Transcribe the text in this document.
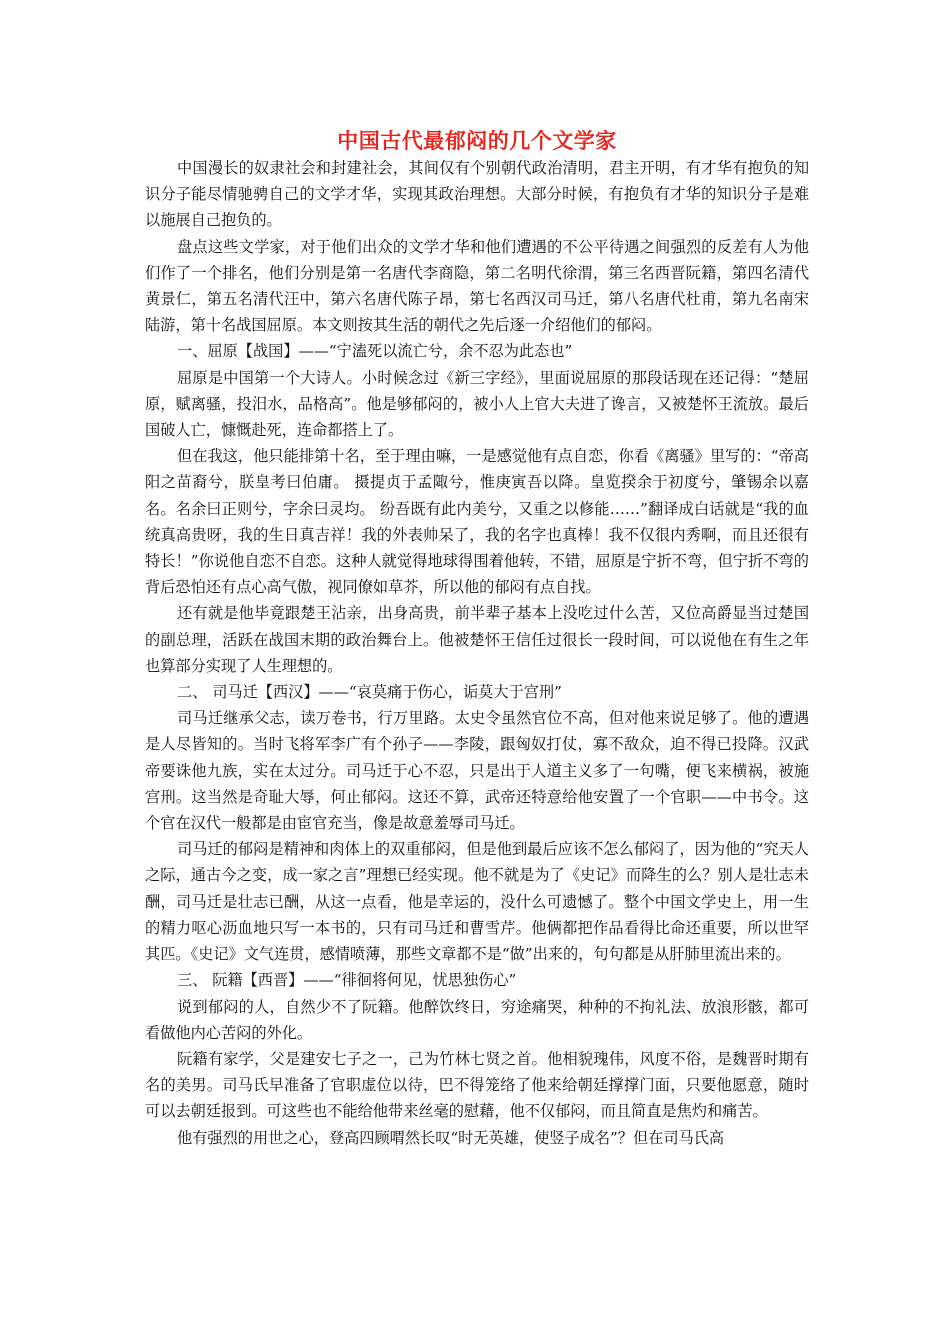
中国古代最郁闷的几个文学家

中国漫长的奴隶社会和封建社会，其间仅有个别朝代政治清明，君主开明，有才华有抱负的知识分子能尽情驰骋自己的文学才华，实现其政治理想。大部分时候，有抱负有才华的知识分子是难以施展自己抱负的。

盘点这些文学家，对于他们出众的文学才华和他们遭遇的不公平待遇之间强烈的反差有人为他们作了一个排名，他们分别是第一名唐代李商隐，第二名明代徐渭，第三名西晋阮籍，第四名清代黄景仁，第五名清代汪中，第六名唐代陈子昂，第七名西汉司马迁，第八名唐代杜甫，第九名南宋陆游，第十名战国屈原。本文则按其生活的朝代之先后逐一介绍他们的郁闷。

一、屈原【战国】——“宁溘死以流亡兮，余不忍为此态也”

屈原是中国第一个大诗人。小时候念过《新三字经》，里面说屈原的那段话现在还记得：“楚屈原，赋离骚，投汨水，品格高”。他是够郁闷的，被小人上官大夫进了谗言，又被楚怀王流放。最后国破人亡，慷慨赴死，连命都搭上了。

但在我这，他只能排第十名，至于理由嘛，一是感觉他有点自恋，你看《离骚》里写的：“帝高阳之苗裔兮，朕皇考曰伯庸。 摄提贞于孟陬兮，惟庚寅吾以降。皇览揆余于初度兮，肇锡余以嘉名。名余曰正则兮，字余曰灵均。 纷吾既有此内美兮，又重之以修能……”翻译成白话就是“我的血统真高贵呀，我的生日真吉祥！我的外表帅呆了，我的名字也真棒！我不仅很内秀啊，而且还很有特长！”你说他自恋不自恋。这种人就觉得地球得围着他转，不错，屈原是宁折不弯，但宁折不弯的背后恐怕还有点心高气傲，视同僚如草芥，所以他的郁闷有点自找。

还有就是他毕竟跟楚王沾亲，出身高贵，前半辈子基本上没吃过什么苦，又位高爵显当过楚国的副总理，活跃在战国末期的政治舞台上。他被楚怀王信任过很长一段时间，可以说他在有生之年也算部分实现了人生理想的。

二、 司马迁【西汉】——“哀莫痛于伤心，诟莫大于宫刑”

司马迁继承父志，读万卷书，行万里路。太史令虽然官位不高，但对他来说足够了。他的遭遇是人尽皆知的。当时飞将军李广有个孙子——李陵，跟匈奴打仗，寡不敌众，迫不得已投降。汉武帝要诛他九族，实在太过分。司马迁于心不忍，只是出于人道主义多了一句嘴，便飞来横祸，被施宫刑。这当然是奇耻大辱，何止郁闷。这还不算，武帝还特意给他安置了一个官职——中书令。这个官在汉代一般都是由宦官充当，像是故意羞辱司马迁。

司马迁的郁闷是精神和肉体上的双重郁闷，但是他到最后应该不怎么郁闷了，因为他的“究天人之际，通古今之变，成一家之言”理想已经实现。他不就是为了《史记》而降生的么？别人是壮志未酬，司马迁是壮志已酬，从这一点看，他是幸运的，没什么可遗憾了。整个中国文学史上，用一生的精力呕心沥血地只写一本书的，只有司马迁和曹雪芹。他俩都把作品看得比命还重要，所以世罕其匹。《史记》文气连贯，感情喷薄，那些文章都不是“做”出来的，句句都是从肝肺里流出来的。

三、 阮籍【西晋】——“徘徊将何见，忧思独伤心”

说到郁闷的人，自然少不了阮籍。他醉饮终日，穷途痛哭，种种的不拘礼法、放浪形骸，都可看做他内心苦闷的外化。

阮籍有家学，父是建安七子之一，己为竹林七贤之首。他相貌瑰伟，风度不俗，是魏晋时期有名的美男。司马氏早准备了官职虚位以待，巴不得笼络了他来给朝廷撑撑门面，只要他愿意，随时可以去朝廷报到。可这些也不能给他带来丝毫的慰藉，他不仅郁闷，而且简直是焦灼和痛苦。

他有强烈的用世之心，登高四顾喟然长叹“时无英雄，使竖子成名”？但在司马氏高
